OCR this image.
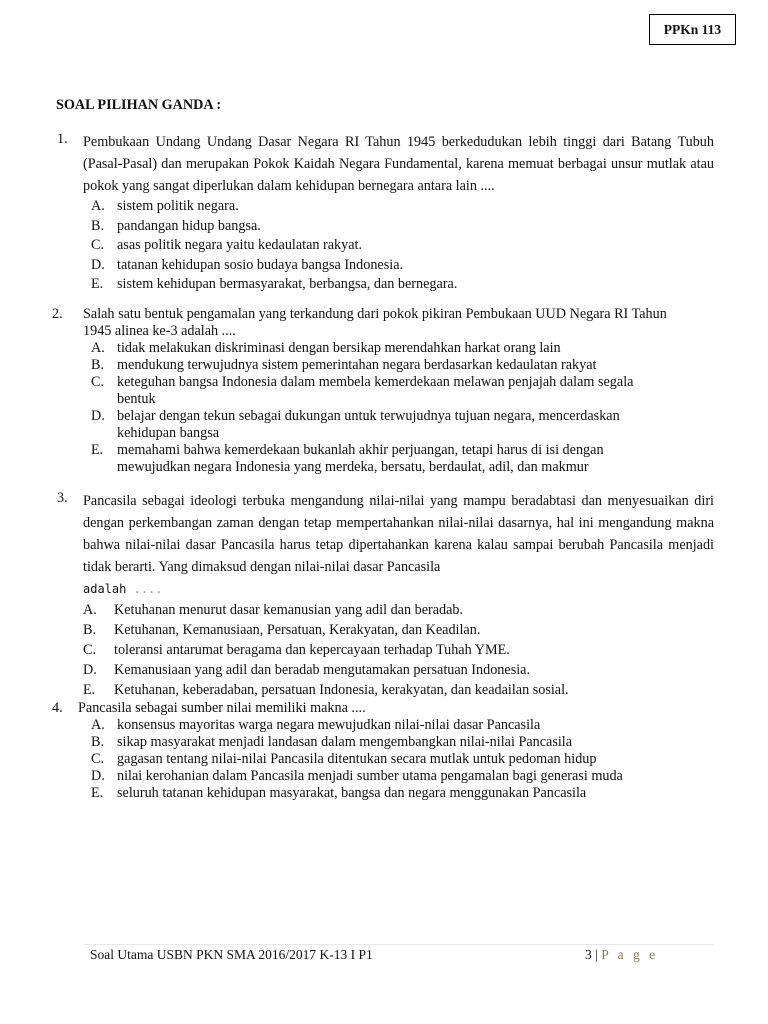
PPKn 113
SOAL PILIHAN GANDA :
1. Pembukaan Undang Undang Dasar Negara RI Tahun 1945 berkedudukan lebih tinggi dari Batang Tubuh (Pasal-Pasal) dan merupakan Pokok Kaidah Negara Fundamental, karena memuat berbagai unsur mutlak atau pokok yang sangat diperlukan dalam kehidupan bernegara antara lain ....
A. sistem politik negara.
B. pandangan hidup bangsa.
C. asas politik negara yaitu kedaulatan rakyat.
D. tatanan kehidupan sosio budaya bangsa Indonesia.
E. sistem kehidupan bermasyarakat, berbangsa, dan bernegara.
2. Salah satu bentuk pengamalan yang terkandung dari pokok pikiran Pembukaan UUD Negara RI Tahun 1945 alinea ke-3 adalah ....
A. tidak melakukan diskriminasi dengan bersikap merendahkan harkat orang lain
B. mendukung terwujudnya sistem pemerintahan negara berdasarkan kedaulatan rakyat
C. keteguhan bangsa Indonesia dalam membela kemerdekaan melawan penjajah dalam segala bentuk
D. belajar dengan tekun sebagai dukungan untuk terwujudnya tujuan negara, mencerdaskan kehidupan bangsa
E. memahami bahwa kemerdekaan bukanlah akhir perjuangan, tetapi harus di isi dengan mewujudkan negara Indonesia yang merdeka, bersatu, berdaulat, adil, dan makmur
3. Pancasila sebagai ideologi terbuka mengandung nilai-nilai yang mampu beradabtasi dan menyesuaikan diri dengan perkembangan zaman dengan tetap mempertahankan nilai-nilai dasarnya, hal ini mengandung makna bahwa nilai-nilai dasar Pancasila harus tetap dipertahankan karena kalau sampai berubah Pancasila menjadi tidak berarti. Yang dimaksud dengan nilai-nilai dasar Pancasila
adalah ....
A. Ketuhanan menurut dasar kemanusian yang adil dan beradab.
B. Ketuhanan, Kemanusiaan, Persatuan, Kerakyatan, dan Keadilan.
C. toleransi antarumat beragama dan kepercayaan terhadap Tuhah YME.
D. Kemanusiaan yang adil dan beradab mengutamakan persatuan Indonesia.
E. Ketuhanan, keberadaban, persatuan Indonesia, kerakyatan, dan keadailan sosial.
4. Pancasila sebagai sumber nilai memiliki makna ....
A. konsensus mayoritas warga negara mewujudkan nilai-nilai dasar Pancasila
B. sikap masyarakat menjadi landasan dalam mengembangkan nilai-nilai Pancasila
C. gagasan tentang nilai-nilai Pancasila ditentukan secara mutlak untuk pedoman hidup
D. nilai kerohanian dalam Pancasila menjadi sumber utama pengamalan bagi generasi muda
E. seluruh tatanan kehidupan masyarakat, bangsa dan negara menggunakan Pancasila
Soal Utama USBN PKN SMA 2016/2017 K-13 I P1	3 | P a g e
